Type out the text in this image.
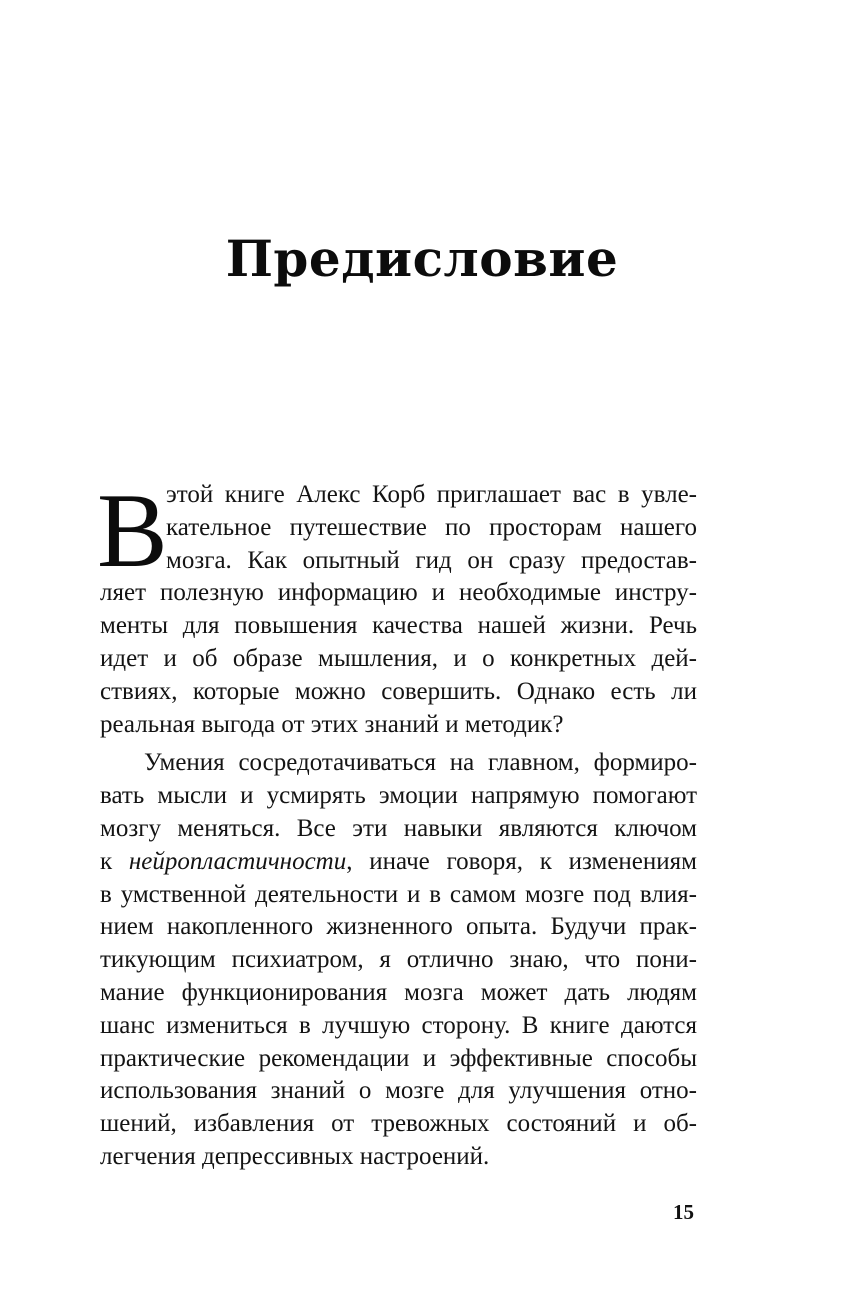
Предисловие
В
этой книге Алекс Корб приглашает вас в увле-
кательное путешествие по просторам нашего
мозга. Как опытный гид он сразу предостав-
ляет полезную информацию и необходимые инстру-
менты для повышения качества нашей жизни. Речь
идет и об образе мышления, и о конкретных дей-
ствиях, которые можно совершить. Однако есть ли
реальная выгода от этих знаний и методик?
Умения сосредотачиваться на главном, формиро-
вать мысли и усмирять эмоции напрямую помогают
мозгу меняться. Все эти навыки являются ключом
к нейропластичности, иначе говоря, к изменениям
в умственной деятельности и в самом мозге под влия-
нием накопленного жизненного опыта. Будучи прак-
тикующим психиатром, я отлично знаю, что пони-
мание функционирования мозга может дать людям
шанс измениться в лучшую сторону. В книге даются
практические рекомендации и эффективные способы
использования знаний о мозге для улучшения отно-
шений, избавления от тревожных состояний и об-
легчения депрессивных настроений.
15
